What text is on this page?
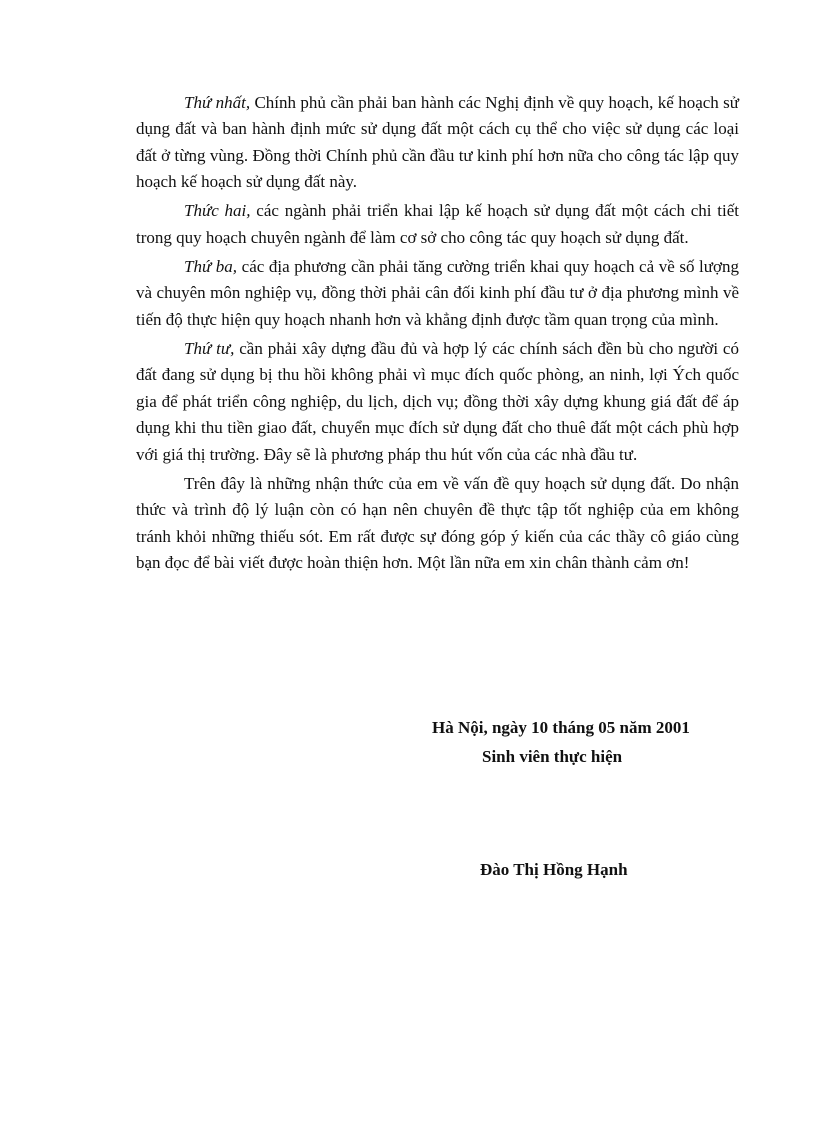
Thứ nhất, Chính phủ cần phải ban hành các Nghị định về quy hoạch, kế hoạch sử dụng đất và ban hành định mức sử dụng đất một cách cụ thể cho việc sử dụng các loại đất ở từng vùng. Đồng thời Chính phủ cần đầu tư kinh phí hơn nữa cho công tác lập quy hoạch kế hoạch sử dụng đất này.

Thức hai, các ngành phải triển khai lập kế hoạch sử dụng đất một cách chi tiết trong quy hoạch chuyên ngành để làm cơ sở cho công tác quy hoạch sử dụng đất.

Thứ ba, các địa phương cần phải tăng cường triển khai quy hoạch cả về số lượng và chuyên môn nghiệp vụ, đồng thời phải cân đối kinh phí đầu tư ở địa phương mình về tiến độ thực hiện quy hoạch nhanh hơn và khẳng định được tầm quan trọng của mình.

Thứ tư, cần phải xây dựng đầu đủ và hợp lý các chính sách đền bù cho người có đất đang sử dụng bị thu hồi không phải vì mục đích quốc phòng, an ninh, lợi Ých quốc gia để phát triển công nghiệp, du lịch, dịch vụ; đồng thời xây dựng khung giá đất để áp dụng khi thu tiền giao đất, chuyển mục đích sử dụng đất cho thuê đất một cách phù hợp với giá thị trường. Đây sẽ là phương pháp thu hút vốn của các nhà đầu tư.

Trên đây là những nhận thức của em về vấn đề quy hoạch sử dụng đất. Do nhận thức và trình độ lý luận còn có hạn nên chuyên đề thực tập tốt nghiệp của em không tránh khỏi những thiếu sót. Em rất được sự đóng góp ý kiến của các thầy cô giáo cùng bạn đọc để bài viết được hoàn thiện hơn. Một lần nữa em xin chân thành cảm ơn!

Hà Nội, ngày 10 tháng 05 năm 2001
Sinh viên thực hiện
Đào Thị Hồng Hạnh
